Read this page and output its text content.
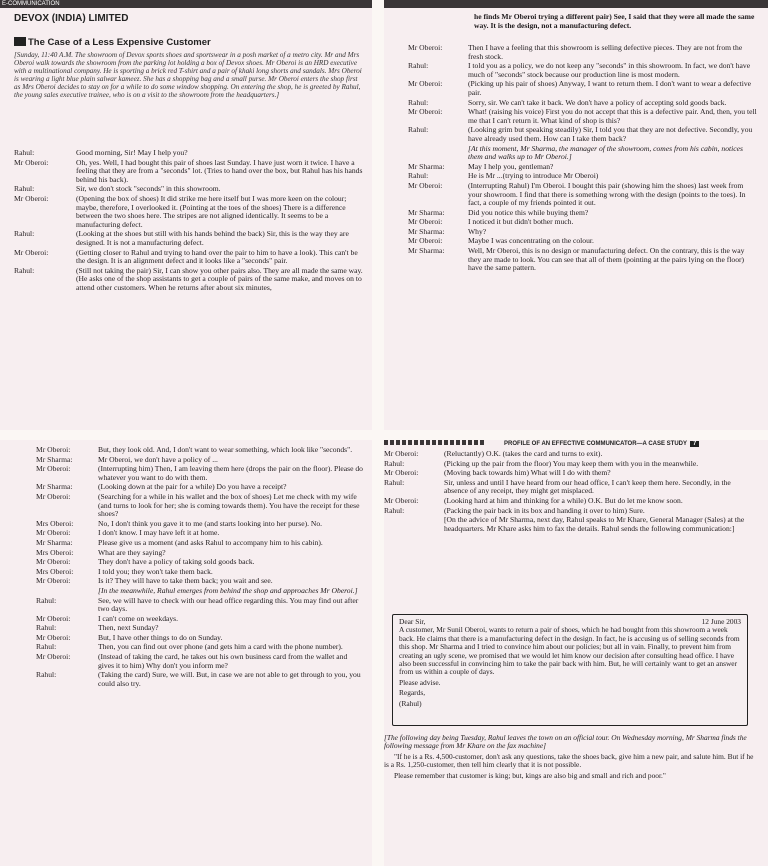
E-COMMUNICATION
DEVOX (INDIA) LIMITED
The Case of a Less Expensive Customer
[Sunday, 11:40 A.M. The showroom of Devox sports shoes and sportswear in a posh market of a metro city. Mr and Mrs Oberoi walk towards the showroom from the parking lot holding a box of Devox shoes. Mr Oberoi is an HRD executive with a multinational company. He is sporting a brick red T-shirt and a pair of khaki long shorts and sandals. Mrs Oberoi is wearing a light blue plain salwar kameez. She has a shopping bag and a small purse. Mr Oberoi enters the shop first as Mrs Oberoi decides to stay on for a while to do some window shopping. On entering the shop, he is greeted by Rahul, the young sales executive trainee, who is on a visit to the showroom from the headquarters.]
Rahul:	Good morning, Sir! May I help you?
Mr Oberoi:	Oh, yes. Well, I had bought this pair of shoes last Sunday. I have just worn it twice. I have a feeling that they are from a "seconds" lot. (Tries to hand over the box, but Rahul has his hands behind his back).
Rahul:	Sir, we don't stock "seconds" in this showroom.
Mr Oberoi:	(Opening the box of shoes) It did strike me here itself but I was more keen on the colour; maybe, therefore, I overlooked it. (Pointing at the toes of the shoes) There is a difference between the two shoes here. The stripes are not aligned identically. It seems to be a manufacturing defect.
Rahul:	(Looking at the shoes but still with his hands behind the back) Sir, this is the way they are designed. It is not a manufacturing defect.
Mr Oberoi:	(Getting closer to Rahul and trying to hand over the pair to him to have a look). This can't be the design. It is an alignment defect and it looks like a "seconds" pair.
Rahul:	(Still not taking the pair) Sir, I can show you other pairs also. They are all made the same way. (He asks one of the shop assistants to get a couple of pairs of the same make, and moves on to attend other customers. When he returns after about six minutes,
he finds Mr Oberoi trying a different pair) See, I said that they were all made the same way. It is the design, not a manufacturing defect.
Mr Oberoi:	Then I have a feeling that this showroom is selling defective pieces. They are not from the fresh stock.
Rahul:	I told you as a policy, we do not keep any "seconds" in this showroom. In fact, we don't have much of "seconds" stock because our production line is most modern.
Mr Oberoi:	(Picking up his pair of shoes) Anyway, I want to return them. I don't want to wear a defective pair.
Rahul:	Sorry, sir. We can't take it back. We don't have a policy of accepting sold goods back.
Mr Oberoi:	What! (raising his voice) First you do not accept that this is a defective pair. And, then, you tell me that I can't return it. What kind of shop is this?
Rahul:	(Looking grim but speaking steadily) Sir, I told you that they are not defective. Secondly, you have already used them. How can I take them back?
[At this moment, Mr Sharma, the manager of the showroom, comes from his cabin, notices them and walks up to Mr Oberoi.]
Mr Sharma:	May I help you, gentleman?
Rahul:	He is Mr ...(trying to introduce Mr Oberoi)
Mr Oberoi:	(Interrupting Rahul) I'm Oberoi. I bought this pair (showing him the shoes) last week from your showroom. I find that there is something wrong with the design (points to the toes). In fact, a couple of my friends pointed it out.
Mr Sharma:	Did you notice this while buying them?
Mr Oberoi:	I noticed it but didn't bother much.
Mr Sharma:	Why?
Mr Oberoi:	Maybe I was concentrating on the colour.
Mr Sharma:	Well, Mr Oberoi, this is no design or manufacturing defect. On the contrary, this is the way they are made to look. You can see that all of them (pointing at the pairs lying on the floor) have the same pattern.
Mr Oberoi:	But, they look old. And, I don't want to wear something, which look like "seconds".
Mr Sharma:	Mr Oberoi, we don't have a policy of ...
Mr Oberoi:	(Interrupting him) Then, I am leaving them here (drops the pair on the floor). Please do whatever you want to do with them.
Mr Sharma:	(Looking down at the pair for a while) Do you have a receipt?
Mr Oberoi:	(Searching for a while in his wallet and the box of shoes) Let me check with my wife (and turns to look for her; she is coming towards them). You have the receipt for these shoes?
Mrs Oberoi:	No, I don't think you gave it to me (and starts looking into her purse). No.
Mr Oberoi:	I don't know. I may have left it at home.
Mr Sharma:	Please give us a moment (and asks Rahul to accompany him to his cabin).
Mrs Oberoi:	What are they saying?
Mr Oberoi:	They don't have a policy of taking sold goods back.
Mrs Oberoi:	I told you; they won't take them back.
Mr Oberoi:	Is it? They will have to take them back; you wait and see.
[In the meanwhile, Rahul emerges from behind the shop and approaches Mr Oberoi.]
Rahul:	See, we will have to check with our head office regarding this. You may find out after two days.
Mr Oberoi:	I can't come on weekdays.
Rahul:	Then, next Sunday?
Mr Oberoi:	But, I have other things to do on Sunday.
Rahul:	Then, you can find out over phone (and gets him a card with the phone number).
Mr Oberoi:	(Instead of taking the card, he takes out his own business card from the wallet and gives it to him) Why don't you inform me?
Rahul:	(Taking the card) Sure, we will. But, in case we are not able to get through to you, you could also try.
PROFILE OF AN EFFECTIVE COMMUNICATOR—A CASE STUDY 7
Mr Oberoi:	(Reluctantly) O.K. (takes the card and turns to exit).
Rahul:	(Picking up the pair from the floor) You may keep them with you in the meanwhile.
Mr Oberoi:	(Moving back towards him) What will I do with them?
Rahul:	Sir, unless and until I have heard from our head office, I can't keep them here. Secondly, in the absence of any receipt, they might get misplaced.
Mr Oberoi:	(Looking hard at him and thinking for a while) O.K. But do let me know soon.
Rahul:	(Packing the pair back in its box and handing it over to him) Sure.
[On the advice of Mr Sharma, next day, Rahul speaks to Mr Khare, General Manager (Sales) at the headquarters. Mr Khare asks him to fax the details. Rahul sends the following communication:]
Dear Sir,	12 June 2003

A customer, Mr Sunil Oberoi, wants to return a pair of shoes, which he had bought from this showroom a week back. He claims that there is a manufacturing defect in the design. In fact, he is accusing us of selling seconds from this shop. Mr Sharma and I tried to convince him about our policies; but all in vain. Finally, to prevent him from creating an ugly scene, we promised that we would let him know our decision after consulting head office. I have also been successful in convincing him to take the pair back with him. But, he will certainly want to get an answer from us within a couple of days.

Please advise.

Regards,

(Rahul)

[The following day being Tuesday, Rahul leaves the town on an official tour. On Wednesday morning, Mr Sharma finds the following message from Mr Khare on the fax machine]

"If he is a Rs. 4,500-customer, don't ask any questions, take the shoes back, give him a new pair, and salute him. But if he is a Rs. 1,250-customer, then tell him clearly that it is not possible.

Please remember that customer is king; but, kings are also big and small and rich and poor."
